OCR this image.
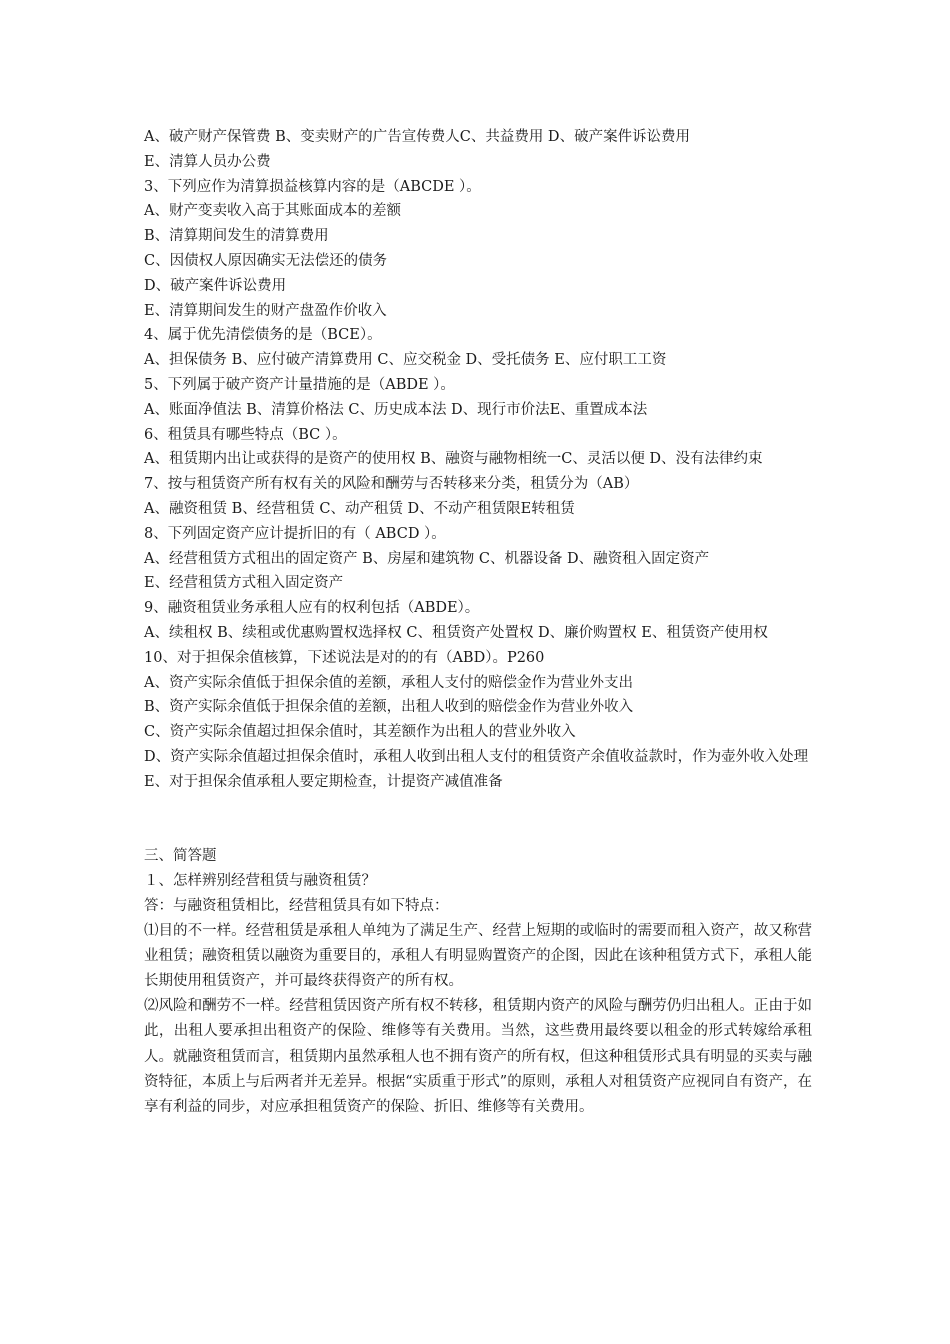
A、破产财产保管费 B、变卖财产的广告宣传费人C、共益费用 D、破产案件诉讼费用

E、清算人员办公费

3、下列应作为清算损益核算内容的是（ABCDE ）。

A、财产变卖收入高于其账面成本的差额

B、清算期间发生的清算费用

C、因债权人原因确实无法偿还的债务

D、破产案件诉讼费用

E、清算期间发生的财产盘盈作价收入

4、属于优先清偿债务的是（BCE）。

A、担保债务 B、应付破产清算费用 C、应交税金 D、受托债务 E、应付职工工资

5、下列属于破产资产计量措施的是（ABDE ）。

A、账面净值法 B、清算价格法 C、历史成本法 D、现行市价法E、重置成本法

6、租赁具有哪些特点（BC ）。

A、租赁期内出让或获得的是资产的使用权 B、融资与融物相统一C、灵活以便 D、没有法律约束

7、按与租赁资产所有权有关的风险和酬劳与否转移来分类，租赁分为（AB）

A、融资租赁 B、经营租赁 C、动产租赁 D、不动产租赁限E转租赁

8、下列固定资产应计提折旧的有（ ABCD ）。

A、经营租赁方式租出的固定资产 B、房屋和建筑物 C、机器设备 D、融资租入固定资产

E、经营租赁方式租入固定资产

9、融资租赁业务承租人应有的权利包括（ABDE）。

A、续租权 B、续租或优惠购置权选择权 C、租赁资产处置权 D、廉价购置权 E、租赁资产使用权

10、对于担保余值核算，下述说法是对的的有（ABD）。P260

A、资产实际余值低于担保余值的差额，承租人支付的赔偿金作为营业外支出

B、资产实际余值低于担保余值的差额，出租人收到的赔偿金作为营业外收入

C、资产实际余值超过担保余值时，其差额作为出租人的营业外收入

D、资产实际余值超过担保余值时，承租人收到出租人支付的租赁资产余值收益款时，作为壶外收入处理

E、对于担保余值承租人要定期检查，计提资产减值准备

三、简答题

１、怎样辨别经营租赁与融资租赁？

答：与融资租赁相比，经营租赁具有如下特点：

⑴目的不一样。经营租赁是承租人单纯为了满足生产、经营上短期的或临时的需要而租入资产，故又称营业租赁；融资租赁以融资为重要目的，承租人有明显购置资产的企图，因此在该种租赁方式下，承租人能长期使用租赁资产，并可最终获得资产的所有权。

⑵风险和酬劳不一样。经营租赁因资产所有权不转移，租赁期内资产的风险与酬劳仍归出租人。正由于如此，出租人要承担出租资产的保险、维修等有关费用。当然，这些费用最终要以租金的形式转嫁给承租人。就融资租赁而言，租赁期内虽然承租人也不拥有资产的所有权，但这种租赁形式具有明显的买卖与融资特征，本质上与后两者并无差异。根据“实质重于形式”的原则，承租人对租赁资产应视同自有资产，在享有利益的同步，对应承担租赁资产的保险、折旧、维修等有关费用。
